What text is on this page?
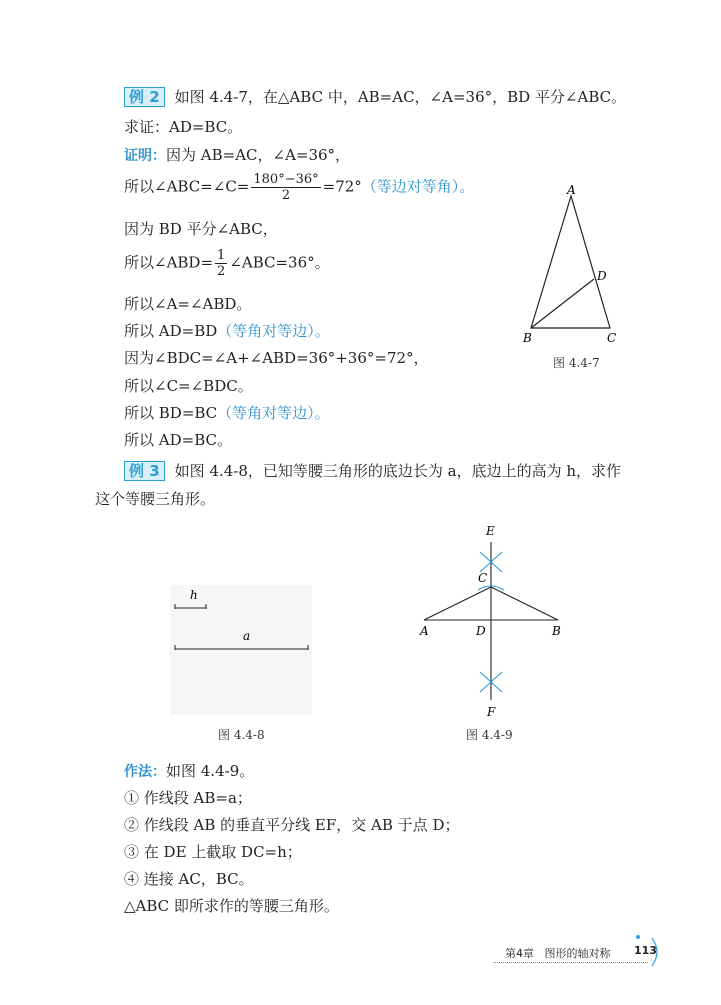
例 2 如图 4.4-7，在△ABC 中，AB=AC，∠A=36°，BD 平分∠ABC。
求证：AD=BC。
证明：因为 AB=AC，∠A=36°，
所以∠ABC=∠C= $\frac{180^\circ-36^\circ}{2} =72^\circ$（等边对等角）。
因为 BD 平分∠ABC，
所以∠ABD= $\frac{1}{2}$ ∠ABC=36°。
所以∠A=∠ABD。
所以 AD=BD（等角对等边）。
因为∠BDC=∠A+∠ABD=36°+36°=72°，
所以∠C=∠BDC。
所以 BD=BC（等角对等边）。
所以 AD=BC。
A
D
B	C
图 4.4-7
例 3 如图 4.4-8，已知等腰三角形的底边长为 a，底边上的高为 h，求作
这个等腰三角形。
h
a
图 4.4-8
E
C
A	D	B
F
图 4.4-9
作法：如图 4.4-9。
① 作线段 AB=a；
② 作线段 AB 的垂直平分线 EF，交 AB 于点 D；
③ 在 DE 上截取 DC=h；
④ 连接 AC，BC。
△ABC 即所求作的等腰三角形。
第4章 图形的轴对称 113
